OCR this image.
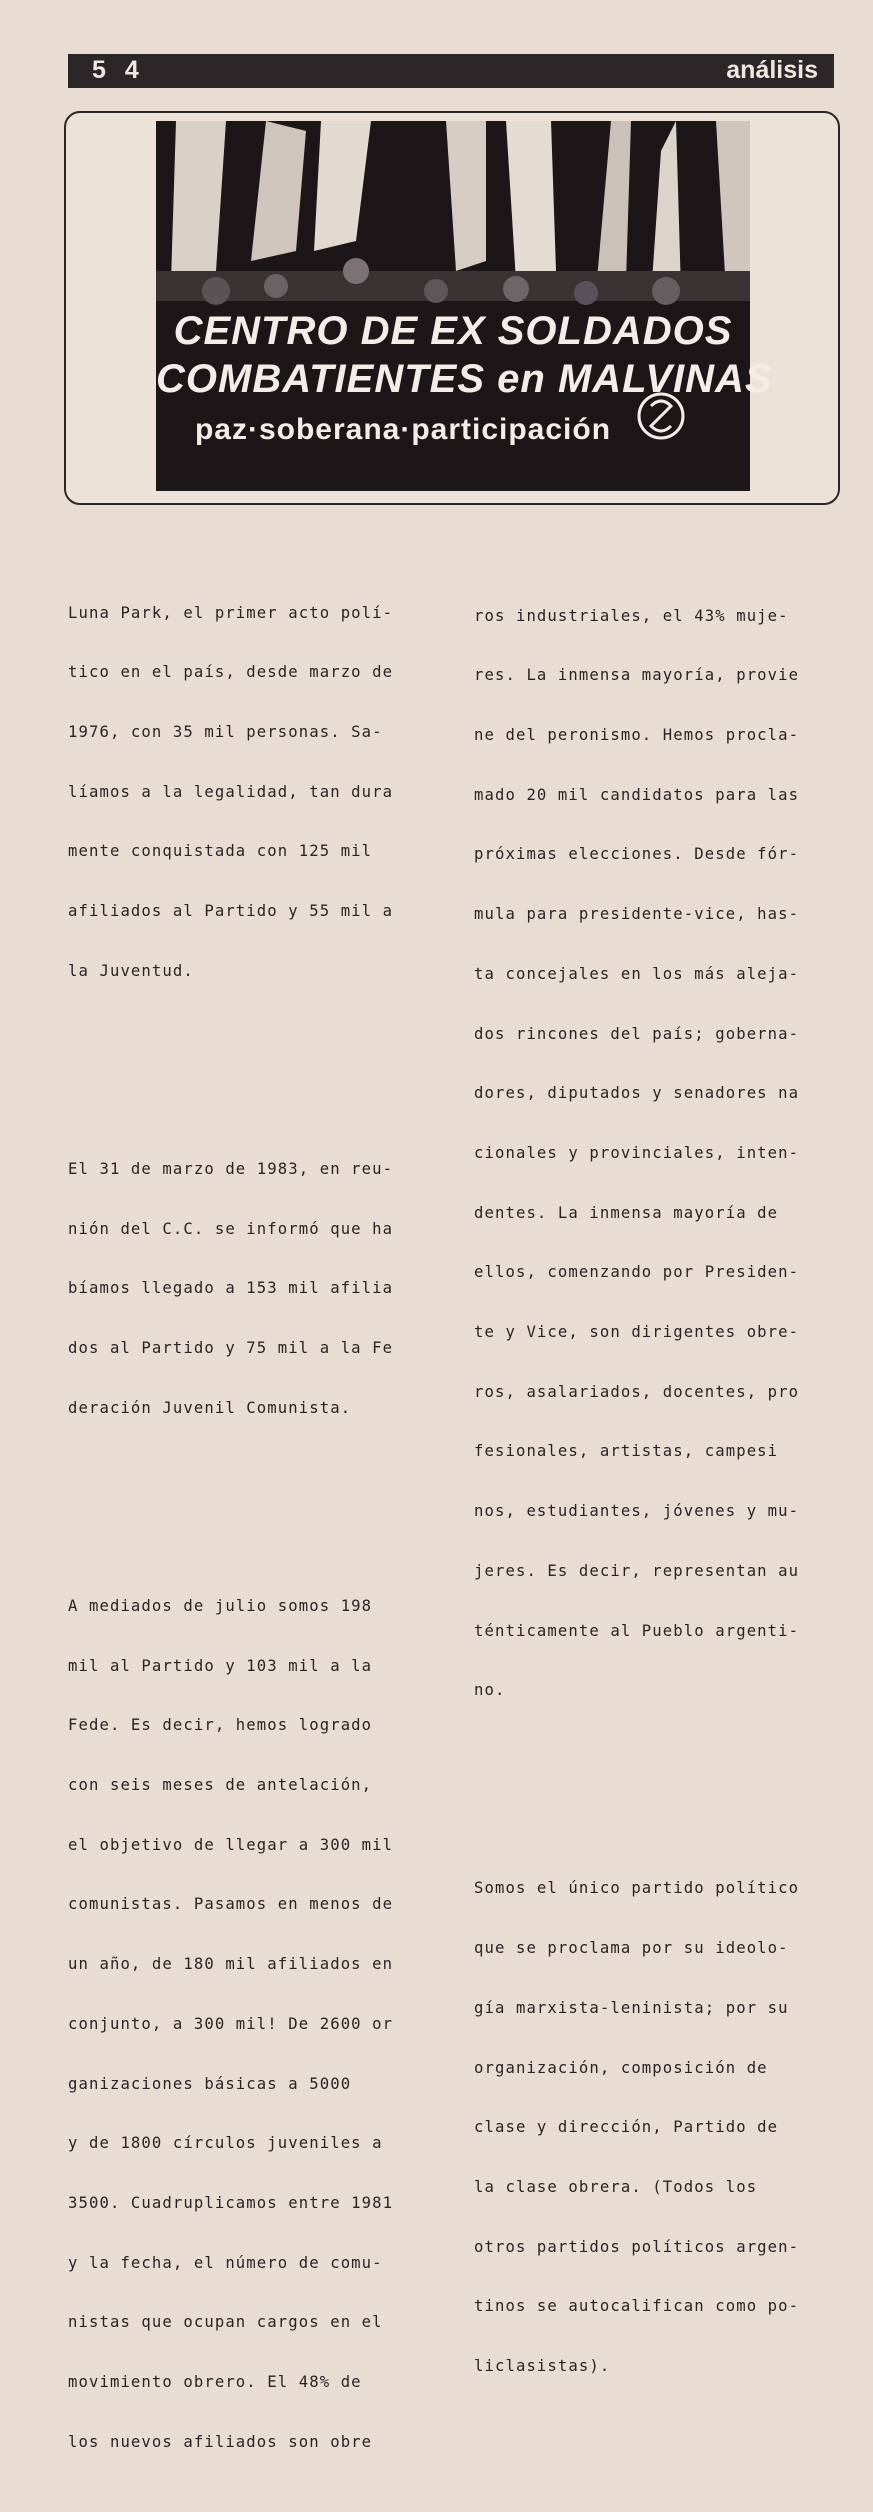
5 4	análisis
CENTRO DE EX SOLDADOS
COMBATIENTES en MALVINAS
paz·soberana·participación

Luna Park, el primer acto polí-

tico en el país, desde marzo de

1976, con 35 mil personas. Sa-

líamos a la legalidad, tan dura

mente conquistada con 125 mil

afiliados al Partido y 55 mil a

la Juventud.

El 31 de marzo de 1983, en reu-

nión del C.C. se informó que ha

bíamos llegado a 153 mil afilia

dos al Partido y 75 mil a la Fe

deración Juvenil Comunista.

A mediados de julio somos 198

mil al Partido y 103 mil a la

Fede. Es decir, hemos logrado

con seis meses de antelación,

el objetivo de llegar a 300 mil

comunistas. Pasamos en menos de

un año, de 180 mil afiliados en

conjunto, a 300 mil! De 2600 or

ganizaciones básicas a 5000

y de 1800 círculos juveniles a

3500. Cuadruplicamos entre 1981

y la fecha, el número de comu-

nistas que ocupan cargos en el

movimiento obrero. El 48% de

los nuevos afiliados son obre

ros industriales, el 43% muje-

res. La inmensa mayoría, provie

ne del peronismo. Hemos procla-

mado 20 mil candidatos para las

próximas elecciones. Desde fór-

mula para presidente-vice, has-

ta concejales en los más aleja-

dos rincones del país; goberna-

dores, diputados y senadores na

cionales y provinciales, inten-

dentes. La inmensa mayoría de

ellos, comenzando por Presiden-

te y Vice, son dirigentes obre-

ros, asalariados, docentes, pro

fesionales, artistas, campesi

nos, estudiantes, jóvenes y mu-

jeres. Es decir, representan au

ténticamente al Pueblo argenti-

no.

Somos el único partido político

que se proclama por su ideolo-

gía marxista-leninista; por su

organización, composición de

clase y dirección, Partido de

la clase obrera. (Todos los

otros partidos políticos argen-

tinos se autocalifican como po-

liclasistas).
